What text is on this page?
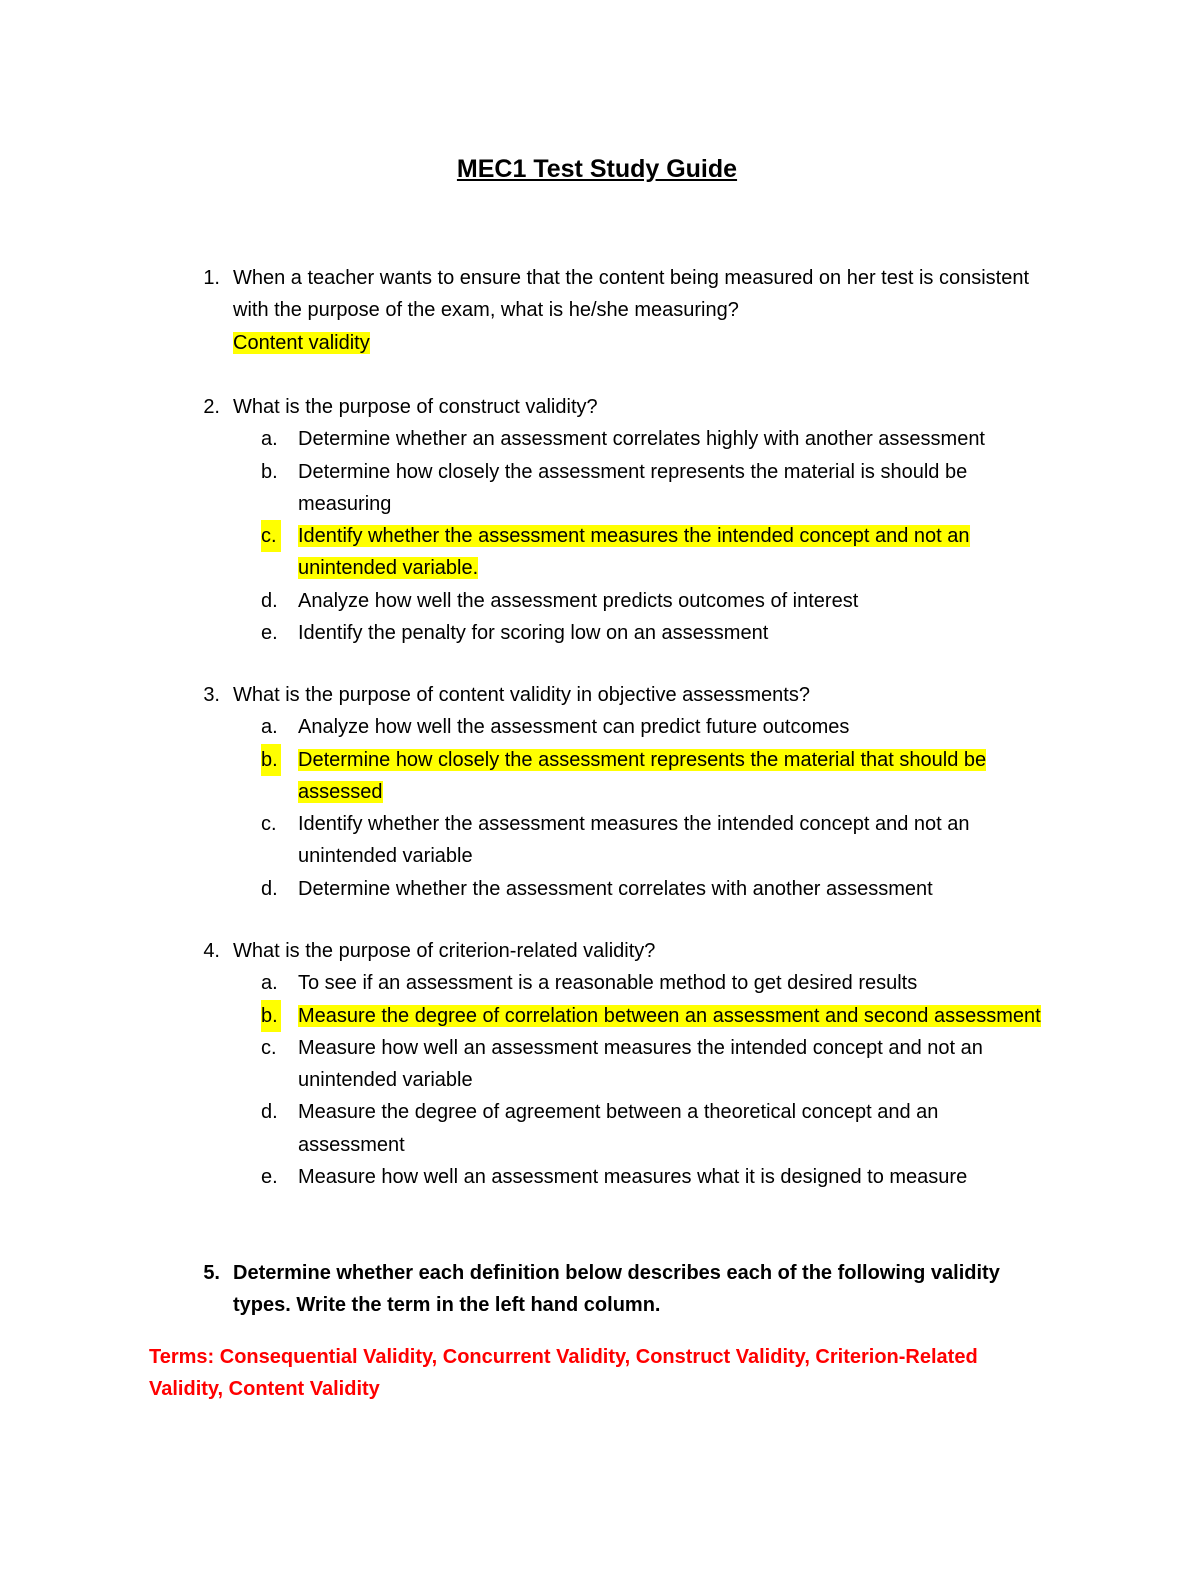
MEC1 Test Study Guide
1. When a teacher wants to ensure that the content being measured on her test is consistent with the purpose of the exam, what is he/she measuring?
Content validity
2. What is the purpose of construct validity?
a.	Determine whether an assessment correlates highly with another assessment
b.	Determine how closely the assessment represents the material is should be measuring
c.	Identify whether the assessment measures the intended concept and not an unintended variable.
d.	Analyze how well the assessment predicts outcomes of interest
e.	Identify the penalty for scoring low on an assessment
3. What is the purpose of content validity in objective assessments?
a.	Analyze how well the assessment can predict future outcomes
b.	Determine how closely the assessment represents the material that should be assessed
c.	Identify whether the assessment measures the intended concept and not an unintended variable
d.	Determine whether the assessment correlates with another assessment
4. What is the purpose of criterion-related validity?
a.	To see if an assessment is a reasonable method to get desired results
b.	Measure the degree of correlation between an assessment and second assessment
c.	Measure how well an assessment measures the intended concept and not an unintended variable
d.	Measure the degree of agreement between a theoretical concept and an assessment
e.	Measure how well an assessment measures what it is designed to measure
5. Determine whether each definition below describes each of the following validity types. Write the term in the left hand column.
Terms: Consequential Validity, Concurrent Validity, Construct Validity, Criterion-Related Validity, Content Validity
